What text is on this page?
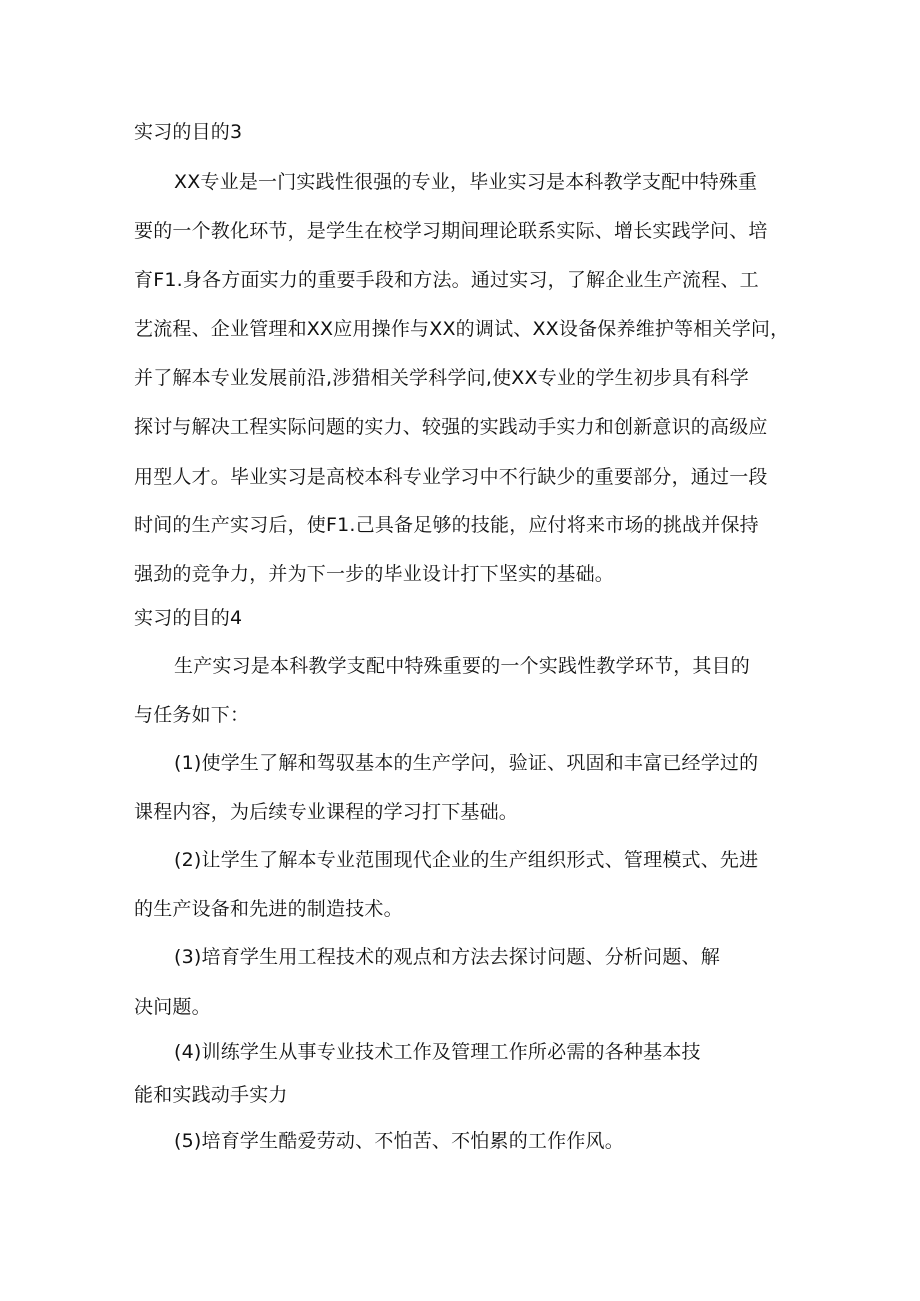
实习的目的3
XX专业是一门实践性很强的专业，毕业实习是本科教学支配中特殊重
要的一个教化环节，是学生在校学习期间理论联系实际、增长实践学问、培
育F1.身各方面实力的重要手段和方法。通过实习，了解企业生产流程、工
艺流程、企业管理和XX应用操作与XX的调试、XX设备保养维护等相关学问，
并了解本专业发展前沿,涉猎相关学科学问,使XX专业的学生初步具有科学
探讨与解决工程实际问题的实力、较强的实践动手实力和创新意识的高级应
用型人才。毕业实习是高校本科专业学习中不行缺少的重要部分，通过一段
时间的生产实习后，使F1.己具备足够的技能，应付将来市场的挑战并保持
强劲的竞争力，并为下一步的毕业设计打下坚实的基础。
实习的目的4
生产实习是本科教学支配中特殊重要的一个实践性教学环节，其目的
与任务如下：
(1)使学生了解和驾驭基本的生产学问，验证、巩固和丰富已经学过的
课程内容，为后续专业课程的学习打下基础。
(2)让学生了解本专业范围现代企业的生产组织形式、管理模式、先进
的生产设备和先进的制造技术。
(3)培育学生用工程技术的观点和方法去探讨问题、分析问题、解
决问题。
(4)训练学生从事专业技术工作及管理工作所必需的各种基本技
能和实践动手实力
(5)培育学生酷爱劳动、不怕苦、不怕累的工作作风。
